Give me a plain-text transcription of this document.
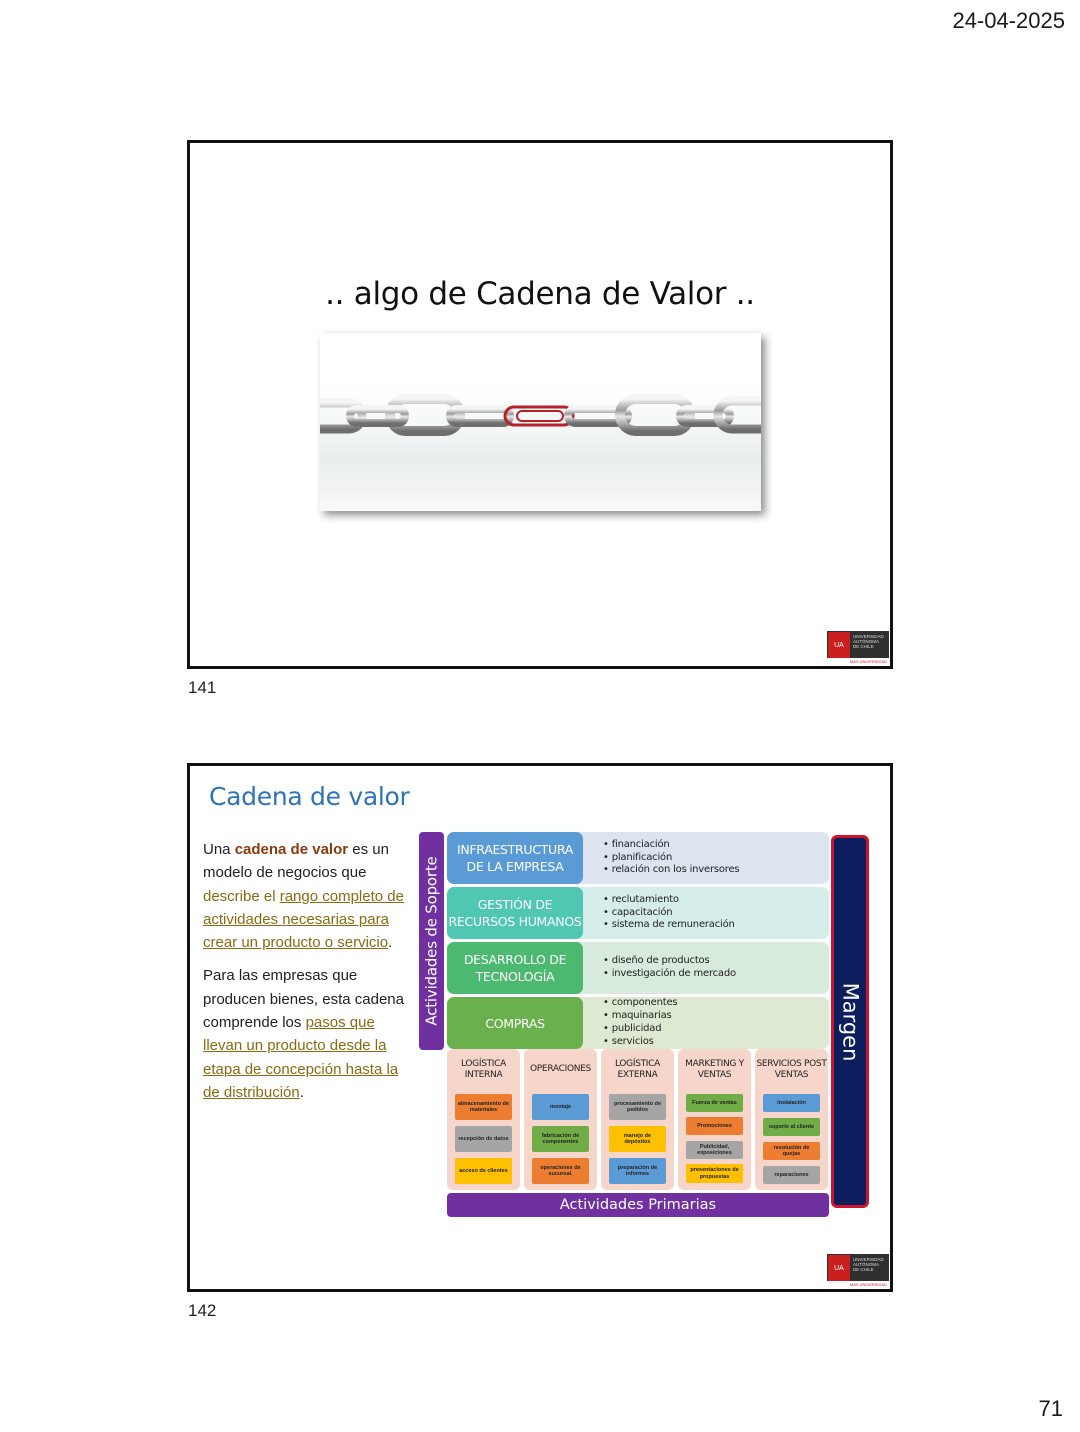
24-04-2025
.. algo de Cadena de Valor ..
UA
UNIVERSIDAD
AUTÓNOMA
DE CHILE
MÁS UNIVERSIDAD
141
Cadena de valor

Una cadena de valor es un modelo de negocios que describe el rango completo de actividades necesarias para crear un producto o servicio.

Para las empresas que producen bienes, esta cadena comprende los pasos que llevan un producto desde la etapa de concepción hasta la de distribución.

Actividades de Soporte
INFRAESTRUCTURA DE LA EMPRESA
• financiación
• planificación
• relación con los inversores
GESTIÓN DE RECURSOS HUMANOS
• reclutamiento
• capacitación
• sistema de remuneración
DESARROLLO DE TECNOLOGÍA
• diseño de productos
• investigación de mercado
COMPRAS
• componentes
• maquinarias
• publicidad
• servicios
LOGÍSTICA INTERNA
almacenamiento de materiales
recepción de datos
acceso de clientes
OPERACIONES
montaje
fabricación de componentes
operaciones de sucursal.
LOGÍSTICA EXTERNA
procesamiento de pedidos
manejo de depósitos
preparación de informes
MARKETING Y VENTAS
Fuerza de ventas
Promociones
Publicidad, exposiciones
presentaciones de propuestas
SERVICIOS POST VENTAS
instalación
soporte al cliente
resolución de quejas
reparaciones
Actividades Primarias
Margen
UA
UNIVERSIDAD
AUTÓNOMA
DE CHILE
MÁS UNIVERSIDAD
142
71
